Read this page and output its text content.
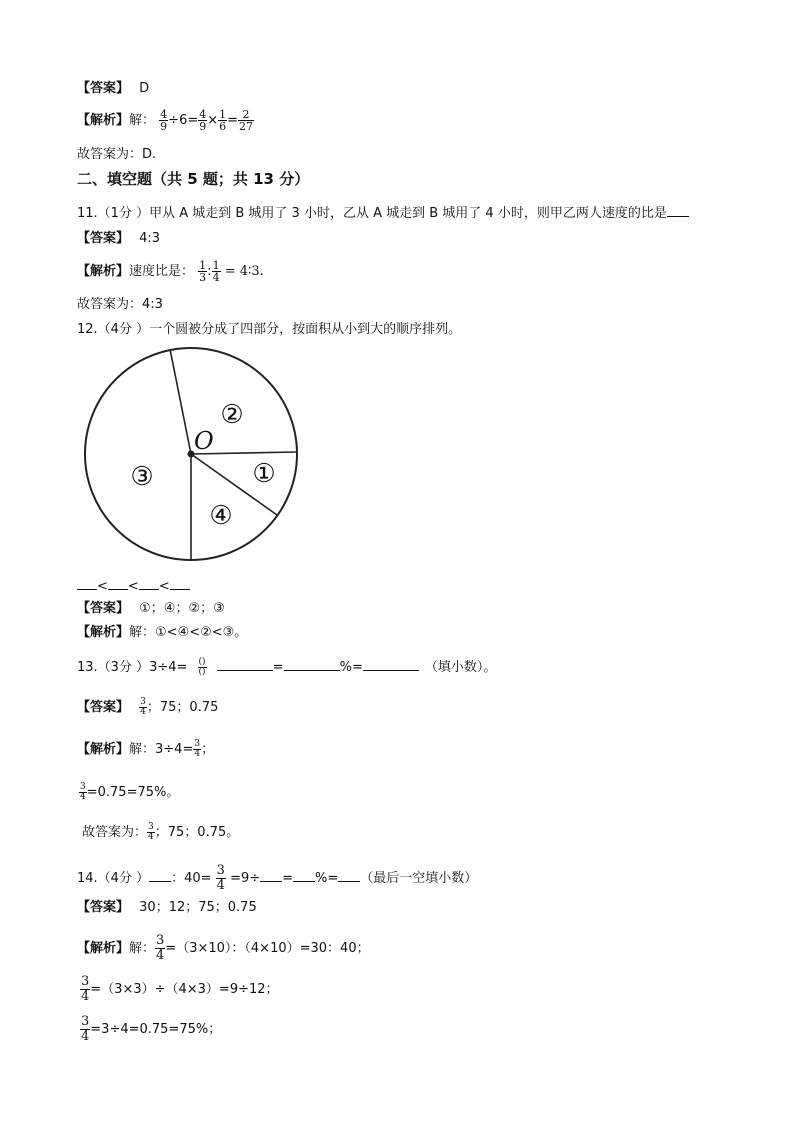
【答案】 D
【解析】解： $\frac{4}{9} \div 6= \frac{4}{9} \times \frac{1}{6} = \frac{2}{27}$
故答案为：D.
二、填空题（共 5 题；共 13 分）
11.（1分 ）甲从 A 城走到 B 城用了 3 小时，乙从 A 城走到 B 城用了 4 小时，则甲乙两人速度的比是
【答案】 4:3
【解析】速度比是： $\frac{1}{3}$ : $\frac{1}{4}$ = 4∶3.
故答案为：4:3
12.（4分 ）一个圆被分成了四部分，按面积从小到大的顺序排列。
O
②
①
③
④
< < <
【答案】 ①；④；②；③
【解析】解：①<④<②<③。
13.（3分 ）$3\div 4= \frac{()}{()}$	=	%=	（填小数）。
【答案】 $\frac{3}{4}$ ；75；0.75
【解析】解：$3\div 4= \frac{3}{4}$ ；
$\frac{3}{4} =0.75=75\%$。
故答案为： $\frac{3}{4}$ ；75；0.75。
14.（4分 ） ：$40= \frac{3}{4} =9\div$ = %= （最后一空填小数）
【答案】 30；12；75；0.75
【解析】解： $\frac{3}{4} =(3\times 10)$：（4×10）=30：40；
$\frac{3}{4} =(3\times 3)\div(4\times 3)=9\div 12$；
$\frac{3}{4} =3\div 4=0.75=75\%$；
